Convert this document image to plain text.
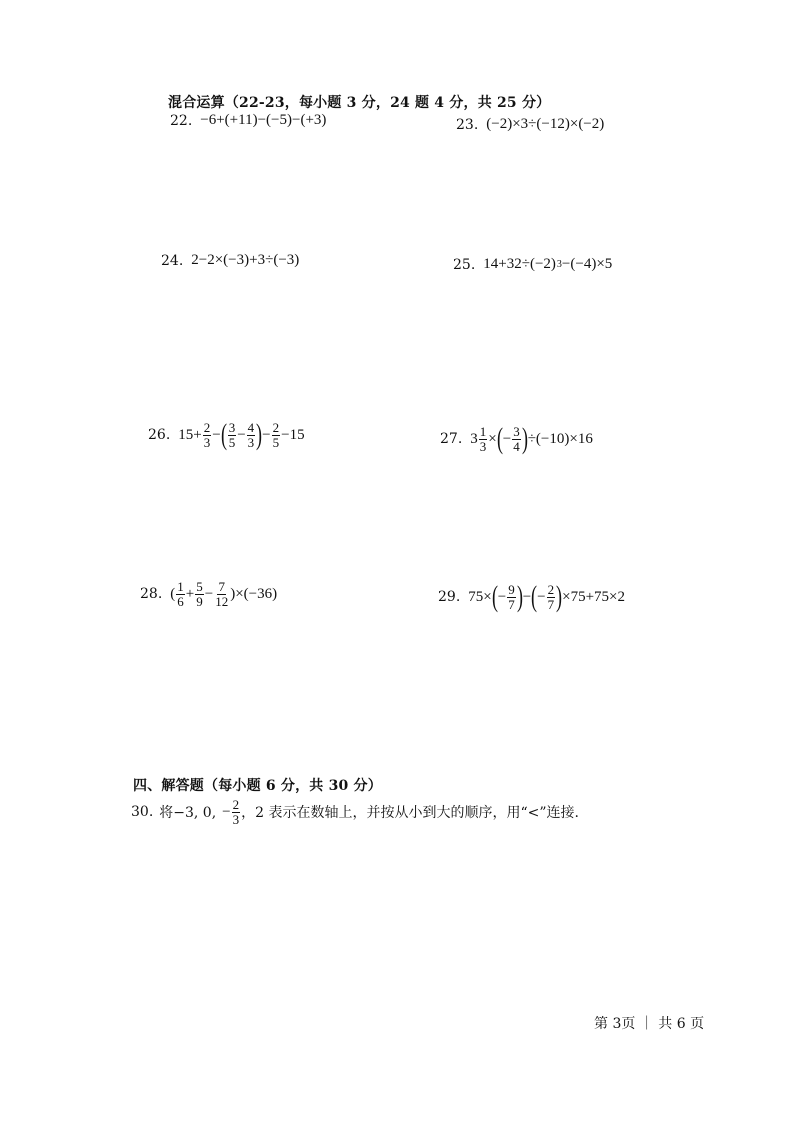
混合运算（22-23，每小题 3 分，24 题 4 分，共 25 分）
22. −6+(+11)−(−5)−(+3)	23. (−2)×3÷(−12)×(−2)
24. 2−2×(−3)+3÷(−3)	25. 14+32÷(−2) 3 −(−4)×5
26. $15+ \frac{2}{3}$ − ( $\frac{3}{5} - \frac{4}{3}$ ) − $\frac{2}{5} -15$	27. $3 \frac{1}{3}$ × ( − $\frac{3}{4}$ ) ÷(−10)×16
28. ( $\frac{1}{6} + \frac{5}{9} - \frac{7}{12} )\times(-36)$	29. 75× ( − $\frac{9}{7}$ ) − ( − $\frac{2}{7}$ ) ×75+75×2
四、解答题（每小题 6 分，共 30 分）
30. 将−3, 0, − $\frac{2}{3}$ ，2 表示在数轴上，并按从小到大的顺序，用“<”连接.
第 3页 ｜ 共 6 页
